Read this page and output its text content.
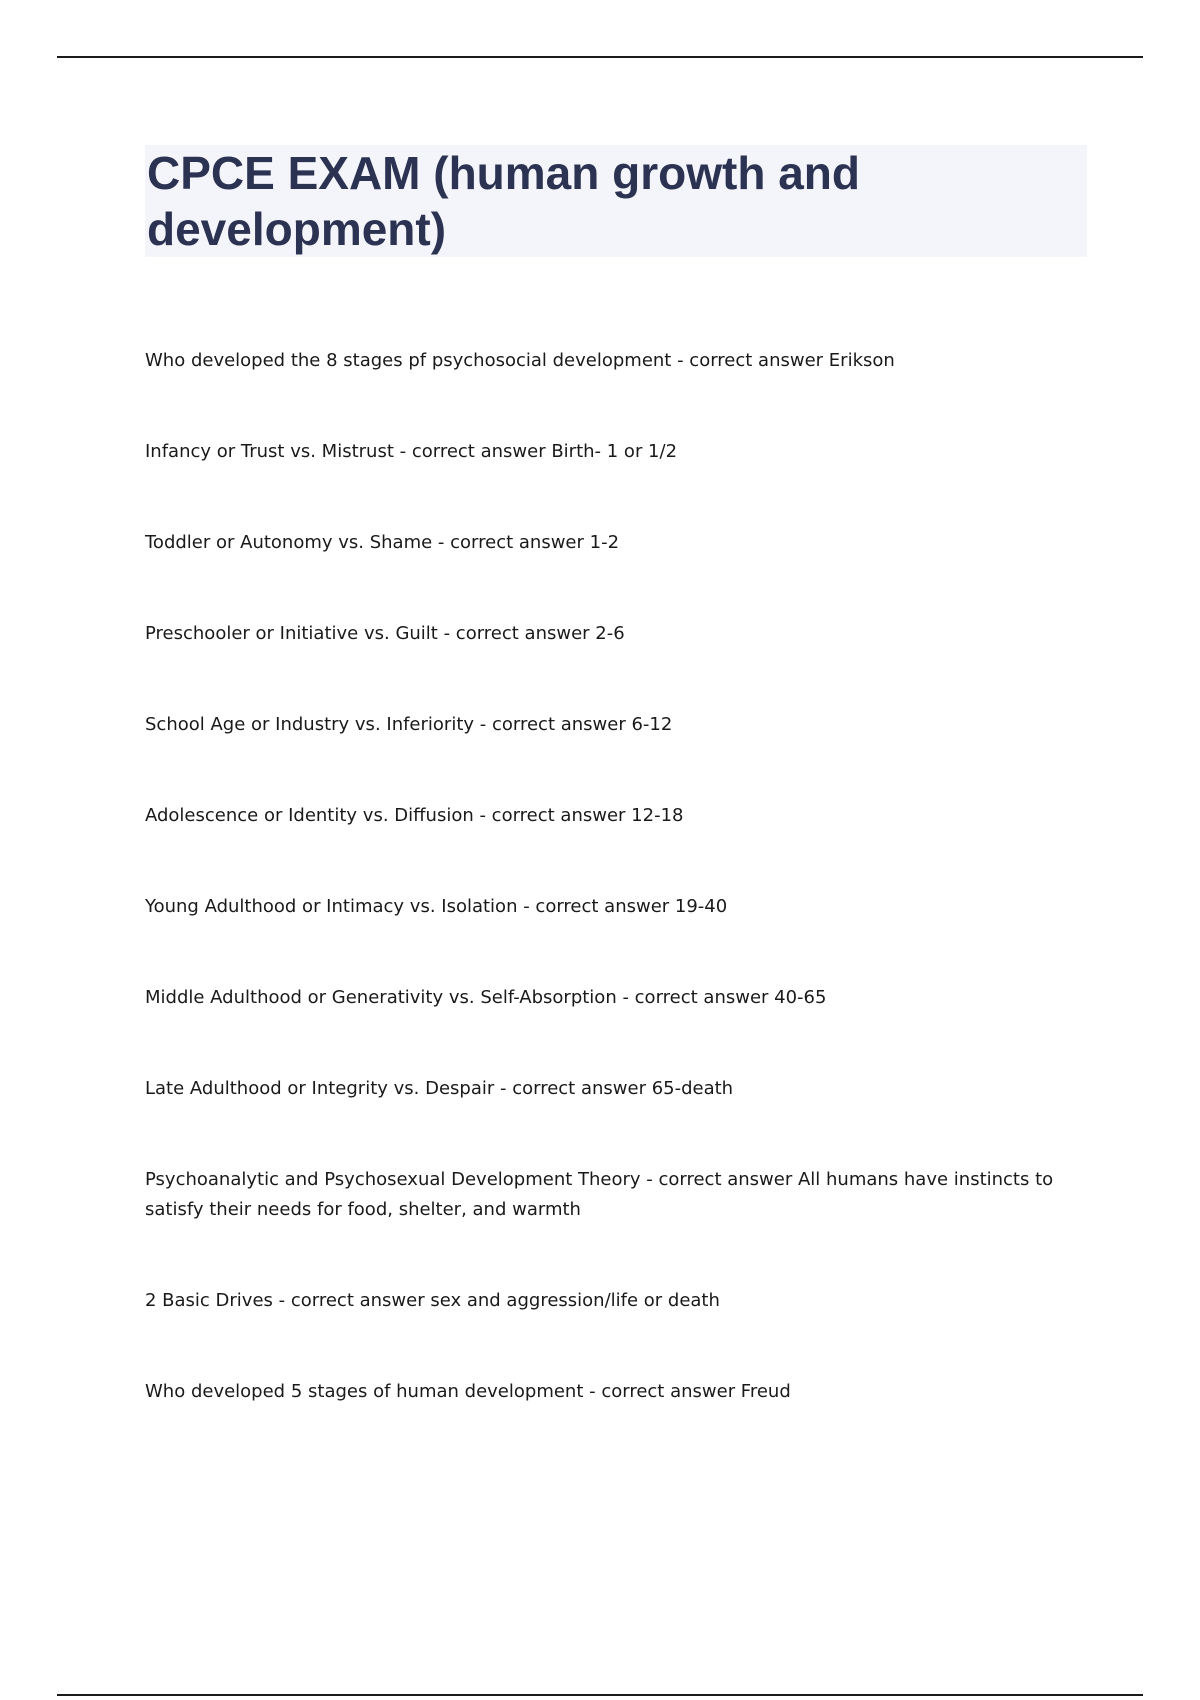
CPCE EXAM (human growth and development)

Who developed the 8 stages pf psychosocial development - correct answer Erikson

Infancy or Trust vs. Mistrust - correct answer Birth- 1 or 1/2

Toddler or Autonomy vs. Shame - correct answer 1-2

Preschooler or Initiative vs. Guilt - correct answer 2-6

School Age or Industry vs. Inferiority - correct answer 6-12

Adolescence or Identity vs. Diffusion - correct answer 12-18

Young Adulthood or Intimacy vs. Isolation - correct answer 19-40

Middle Adulthood or Generativity vs. Self-Absorption - correct answer 40-65

Late Adulthood or Integrity vs. Despair - correct answer 65-death

Psychoanalytic and Psychosexual Development Theory - correct answer All humans have instincts to satisfy their needs for food, shelter, and warmth

2 Basic Drives - correct answer sex and aggression/life or death

Who developed 5 stages of human development - correct answer Freud
